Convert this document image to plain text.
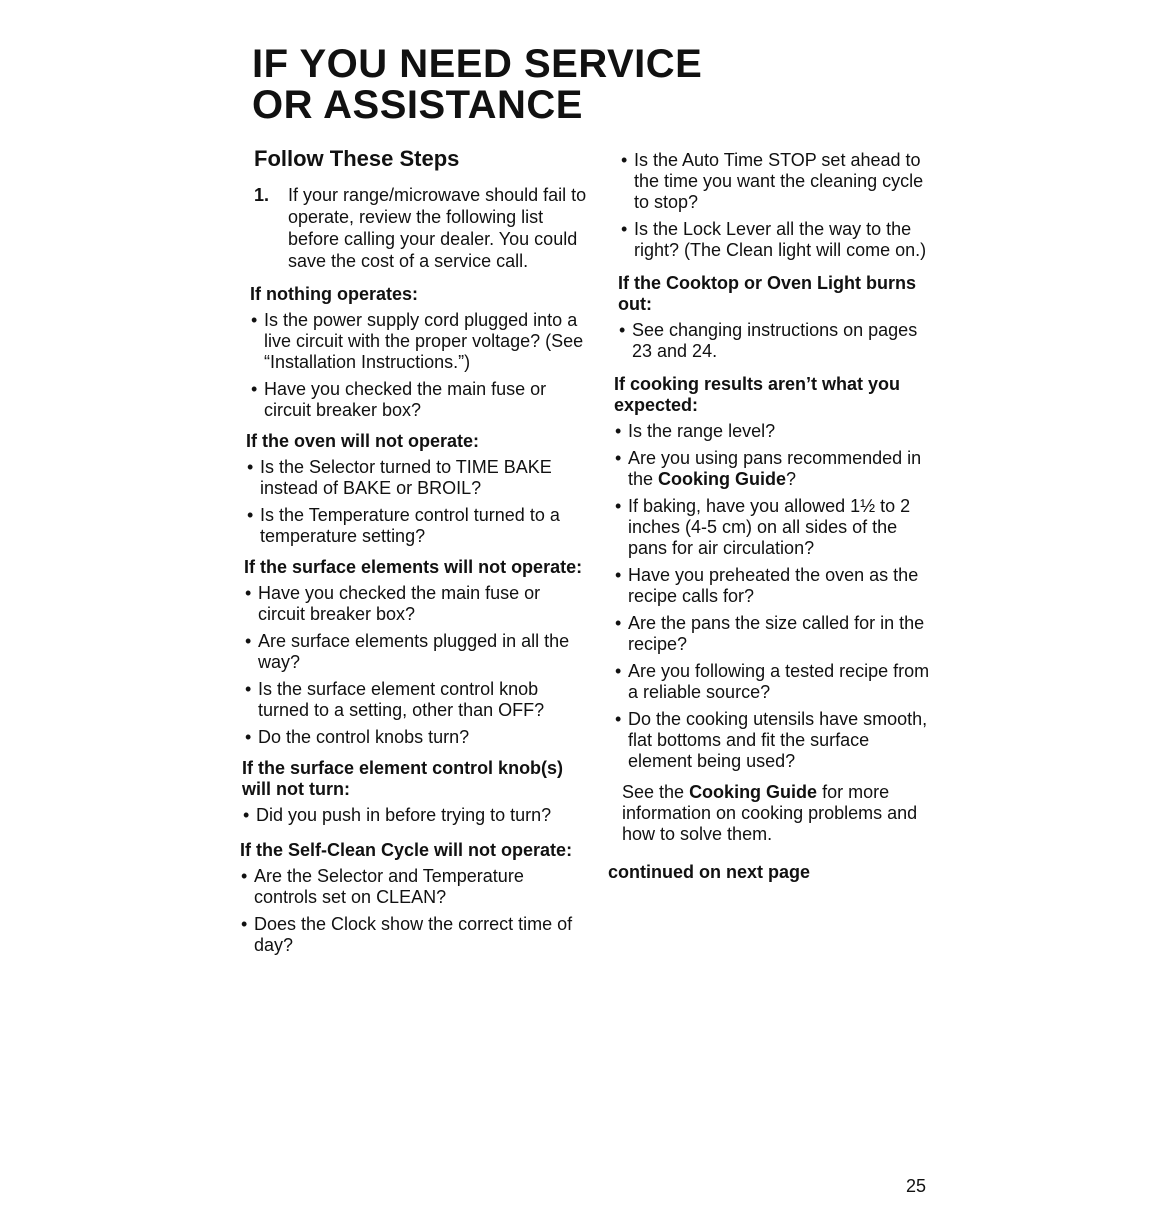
IF YOU NEED SERVICE
OR ASSISTANCE
Follow These Steps
1. If your range/microwave should fail to operate, review the following list before calling your dealer. You could save the cost of a service call.
If nothing operates:
• Is the power supply cord plugged into a live circuit with the proper voltage? (See “Installation Instructions.”)
• Have you checked the main fuse or circuit breaker box?
If the oven will not operate:
• Is the Selector turned to TIME BAKE instead of BAKE or BROIL?
• Is the Temperature control turned to a temperature setting?
If the surface elements will not operate:
• Have you checked the main fuse or circuit breaker box?
• Are surface elements plugged in all the way?
• Is the surface element control knob turned to a setting, other than OFF?
• Do the control knobs turn?
If the surface element control knob(s) will not turn:
• Did you push in before trying to turn?
If the Self-Clean Cycle will not operate:
• Are the Selector and Temperature controls set on CLEAN?
• Does the Clock show the correct time of day?
• Is the Auto Time STOP set ahead to the time you want the cleaning cycle to stop?
• Is the Lock Lever all the way to the right? (The Clean light will come on.)
If the Cooktop or Oven Light burns out:
• See changing instructions on pages 23 and 24.
If cooking results aren’t what you expected:
• Is the range level?
• Are you using pans recommended in the Cooking Guide?
• If baking, have you allowed 1½ to 2 inches (4-5 cm) on all sides of the pans for air circulation?
• Have you preheated the oven as the recipe calls for?
• Are the pans the size called for in the recipe?
• Are you following a tested recipe from a reliable source?
• Do the cooking utensils have smooth, flat bottoms and fit the surface element being used?

See the Cooking Guide for more information on cooking problems and how to solve them.

continued on next page

25
